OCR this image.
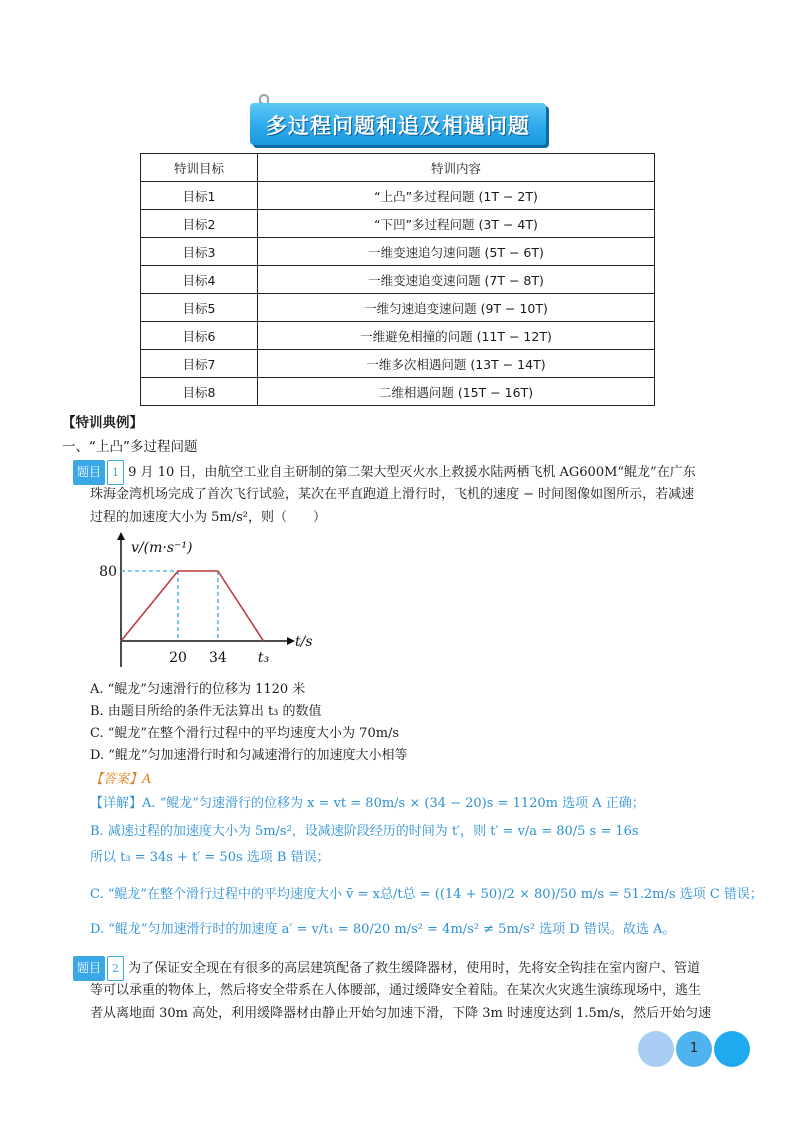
多过程问题和追及相遇问题
特训目标	特训内容
目标1	“上凸”多过程问题 (1T − 2T)
目标2	“下凹”多过程问题 (3T − 4T)
目标3	一维变速追匀速问题 (5T − 6T)
目标4	一维变速追变速问题 (7T − 8T)
目标5	一维匀速追变速问题 (9T − 10T)
目标6	一维避免相撞的问题 (11T − 12T)
目标7	一维多次相遇问题 (13T − 14T)
目标8	二维相遇问题 (15T − 16T)
【特训典例】
一、“上凸”多过程问题
题目 1 9 月 10 日，由航空工业自主研制的第二架大型灭火水上救援水陆两栖飞机 AG600M“鲲龙”在广东
珠海金湾机场完成了首次飞行试验，某次在平直跑道上滑行时，飞机的速度 − 时间图像如图所示，若减速
过程的加速度大小为 5m/s²，则（　　）
v/(m·s⁻¹)
t/s
80
20 34 t₃
A. “鲲龙”匀速滑行的位移为 1120 米
B. 由题目所给的条件无法算出 t₃ 的数值
C. “鲲龙”在整个滑行过程中的平均速度大小为 70m/s
D. “鲲龙”匀加速滑行时和匀减速滑行的加速度大小相等
【答案】A
【详解】A. “鲲龙”匀速滑行的位移为 x = vt = 80m/s × (34 − 20)s = 1120m 选项 A 正确；
B. 减速过程的加速度大小为 5m/s²，设减速阶段经历的时间为 t′，则 t′ = v/a = 80/5 s = 16s
所以 t₃ = 34s + t′ = 50s 选项 B 错误；
C. “鲲龙”在整个滑行过程中的平均速度大小 v̄ = x总/t总 = ((14 + 50)/2 × 80)/50 m/s = 51.2m/s 选项 C 错误；
D. “鲲龙”匀加速滑行时的加速度 a′ = v/t₁ = 80/20 m/s² = 4m/s² ≠ 5m/s² 选项 D 错误。故选 A。
题目 2 为了保证安全现在有很多的高层建筑配备了救生缓降器材，使用时，先将安全钩挂在室内窗户、管道
等可以承重的物体上，然后将安全带系在人体腰部，通过缓降安全着陆。在某次火灾逃生演练现场中，逃生
者从离地面 30m 高处，利用缓降器材由静止开始匀加速下滑，下降 3m 时速度达到 1.5m/s，然后开始匀速
1
